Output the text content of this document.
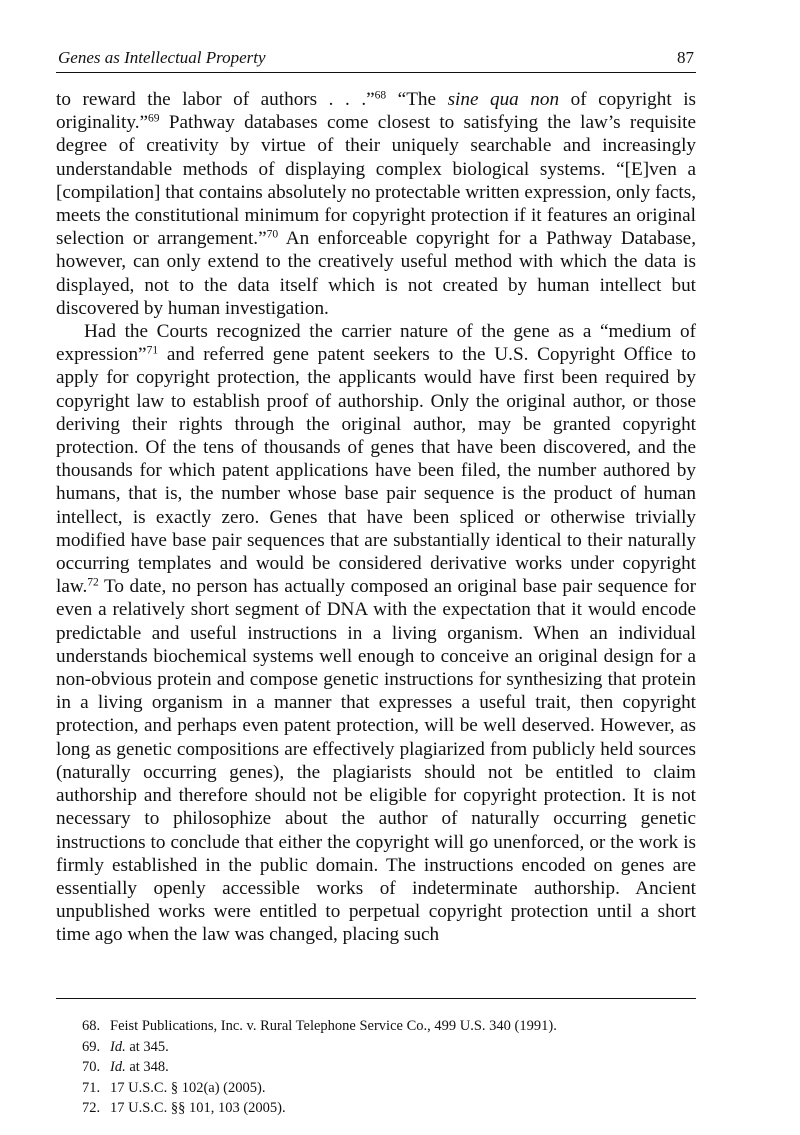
Genes as Intellectual Property	87

to reward the labor of authors . . .”$^{68}$ “The sine qua non of copyright is originality.”$^{69}$ Pathway databases come closest to satisfying the law’s requisite degree of creativity by virtue of their uniquely searchable and increasingly understandable methods of displaying complex biological systems. “[E]ven a [compilation] that contains absolutely no protectable written expression, only facts, meets the constitutional minimum for copyright protection if it features an original selection or arrangement.”$^{70}$ An enforceable copyright for a Pathway Database, however, can only extend to the creatively useful method with which the data is displayed, not to the data itself which is not created by human intellect but discovered by human investigation.

Had the Courts recognized the carrier nature of the gene as a “medium of expression”$^{71}$ and referred gene patent seekers to the U.S. Copyright Office to apply for copyright protection, the applicants would have first been required by copyright law to establish proof of authorship. Only the original author, or those deriving their rights through the original author, may be granted copyright protection. Of the tens of thousands of genes that have been discovered, and the thousands for which patent applications have been filed, the number authored by humans, that is, the number whose base pair sequence is the product of human intellect, is exactly zero. Genes that have been spliced or otherwise trivially modified have base pair sequences that are substantially identical to their naturally occurring templates and would be considered derivative works under copyright law.$^{72}$ To date, no person has actually composed an original base pair sequence for even a relatively short segment of DNA with the expectation that it would encode predictable and useful instructions in a living organism. When an individual understands biochemical systems well enough to conceive an original design for a non-obvious protein and compose genetic instructions for synthesizing that protein in a living organism in a manner that expresses a useful trait, then copyright protection, and perhaps even patent protection, will be well deserved. However, as long as genetic compositions are effectively plagiarized from publicly held sources (naturally occurring genes), the plagiarists should not be entitled to claim authorship and therefore should not be eligible for copyright protection. It is not necessary to philosophize about the author of naturally occurring genetic instructions to conclude that either the copyright will go unenforced, or the work is firmly established in the public domain. The instructions encoded on genes are essentially openly accessible works of indeterminate authorship. Ancient unpublished works were entitled to perpetual copyright protection until a short time ago when the law was changed, placing such

68. Feist Publications, Inc. v. Rural Telephone Service Co., 499 U.S. 340 (1991).
69. Id. at 345.
70. Id. at 348.
71. 17 U.S.C. § 102(a) (2005).
72. 17 U.S.C. §§ 101, 103 (2005).
